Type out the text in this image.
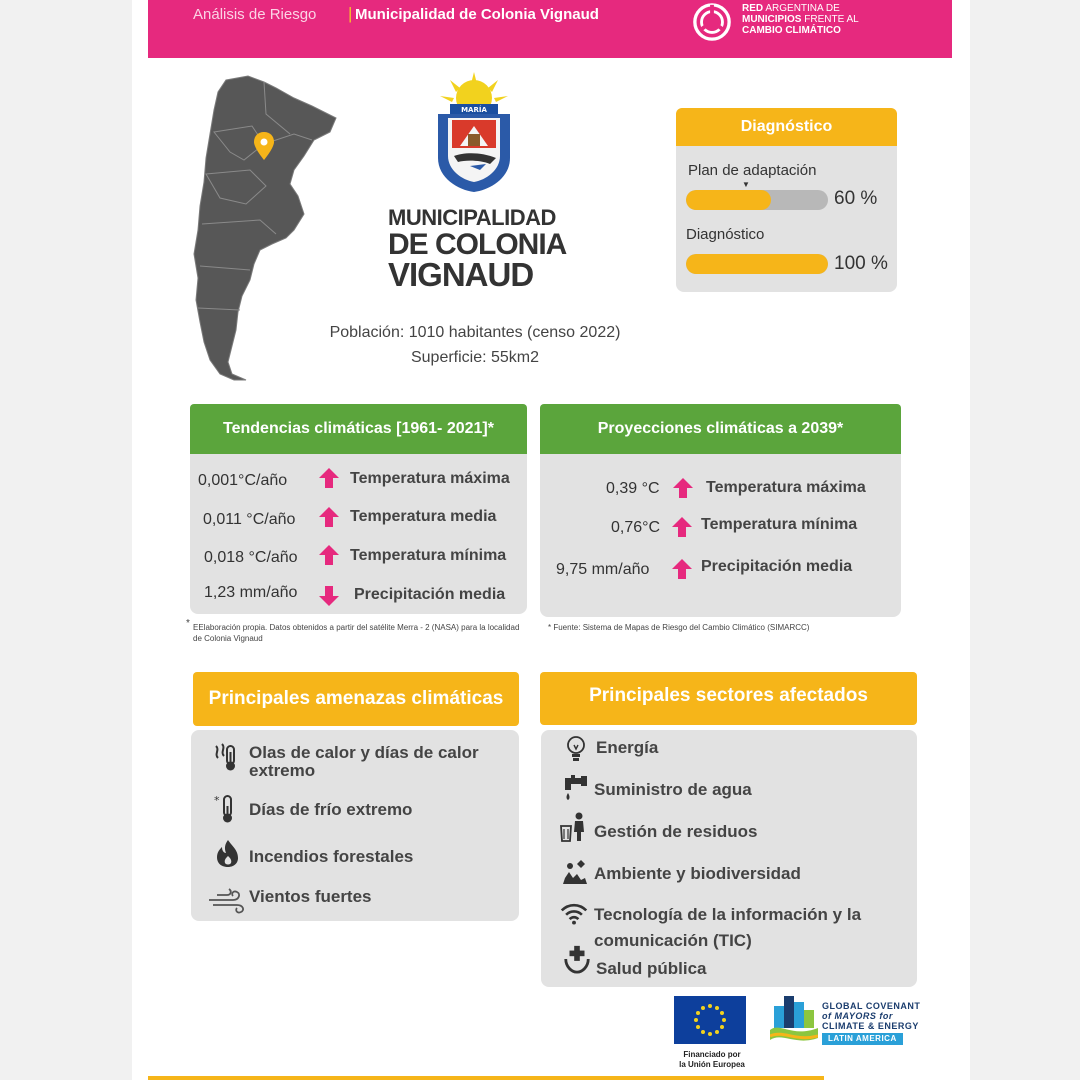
Análisis de Riesgo | Municipalidad de Colonia Vignaud	RED ARGENTINA DE
MUNICIPIOS FRENTE AL
CAMBIO CLIMÁTICO
MARÍA
MUNICIPALIDAD
DE COLONIA
VIGNAUD
Población: 1010 habitantes (censo 2022)
Superficie: 55km2
Diagnóstico
Plan de adaptación
▼
60 %
Diagnóstico
100 %
Tendencias climáticas [1961- 2021]*
0,001°C/año	Temperatura máxima
0,011 °C/año	Temperatura media
0,018 °C/año	Temperatura mínima
1,23 mm/año	Precipitación media
* EElaboración propia. Datos obtenidos a partir del satélite Merra - 2 (NASA) para la localidad de Colonia Vignaud
Proyecciones climáticas a 2039*
0,39 °C	Temperatura máxima
0,76°C	Temperatura mínima
9,75 mm/año	Precipitación media
* Fuente: Sistema de Mapas de Riesgo del Cambio Climático (SIMARCC)
Principales amenazas climáticas
Olas de calor y días de calor
extremo
* Días de frío extremo
Incendios forestales
Vientos fuertes
Principales sectores afectados
Energía
Suministro de agua
Gestión de residuos
Ambiente y biodiversidad
Tecnología de la información y la
comunicación (TIC)
Salud pública
Financiado por
la Unión Europea
GLOBAL COVENANT
of MAYORS for
CLIMATE & ENERGY
LATIN AMERICA
